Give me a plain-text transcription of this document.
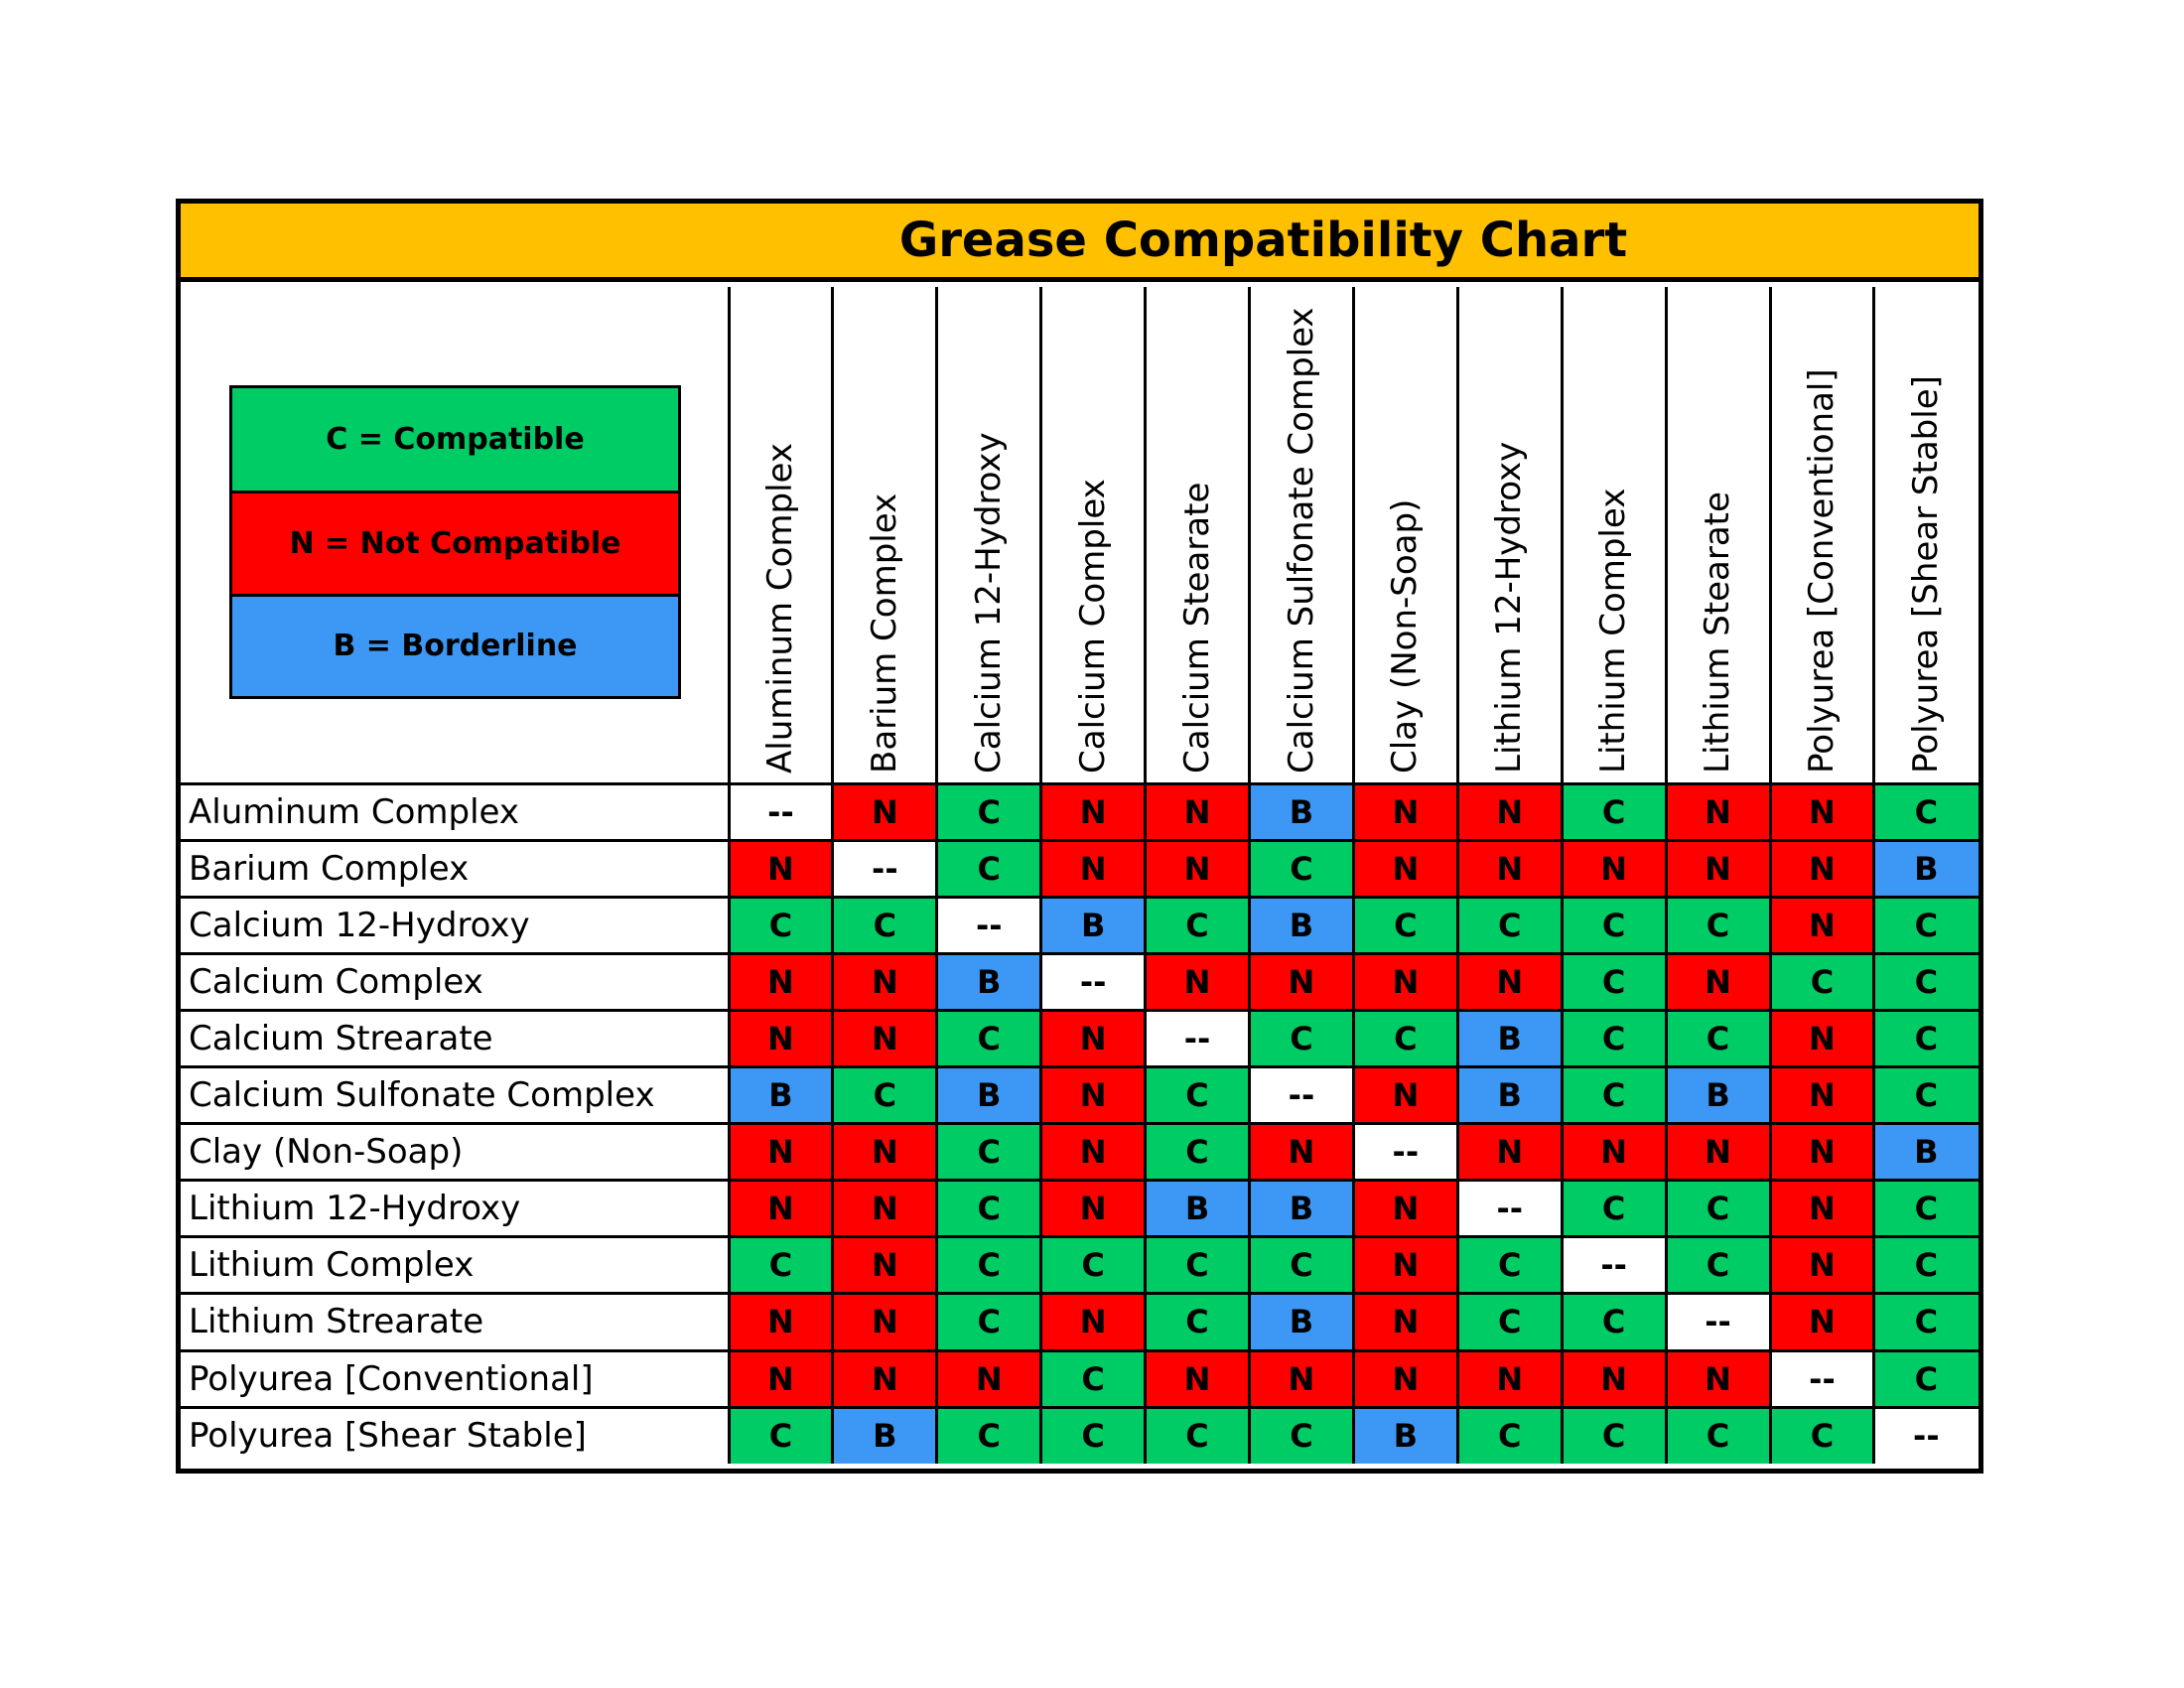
Grease Compatibility Chart
C = Compatible
N = Not Compatible
B = Borderline
Aluminum Complex	--	N	C	N	N	B	N	N	C	N	N	C
Barium Complex	N	--	C	N	N	C	N	N	N	N	N	B
Calcium 12-Hydroxy	C	C	--	B	C	B	C	C	C	C	N	C
Calcium Complex	N	N	B	--	N	N	N	N	C	N	C	C
Calcium Strearate	N	N	C	N	--	C	C	B	C	C	N	C
Calcium Sulfonate Complex	B	C	B	N	C	--	N	B	C	B	N	C
Clay (Non-Soap)	N	N	C	N	C	N	--	N	N	N	N	B
Lithium 12-Hydroxy	N	N	C	N	B	B	N	--	C	C	N	C
Lithium Complex	C	N	C	C	C	C	N	C	--	C	N	C
Lithium Strearate	N	N	C	N	C	B	N	C	C	--	N	C
Polyurea [Conventional]	N	N	N	C	N	N	N	N	N	N	--	C
Polyurea [Shear Stable]	C	B	C	C	C	C	B	C	C	C	C	--
Aluminum Complex	Barium Complex	Calcium 12-Hydroxy	Calcium Complex	Calcium Stearate	Calcium Sulfonate Complex	Clay (Non-Soap)	Lithium 12-Hydroxy	Lithium Complex	Lithium Stearate	Polyurea [Conventional]	Polyurea [Shear Stable]
